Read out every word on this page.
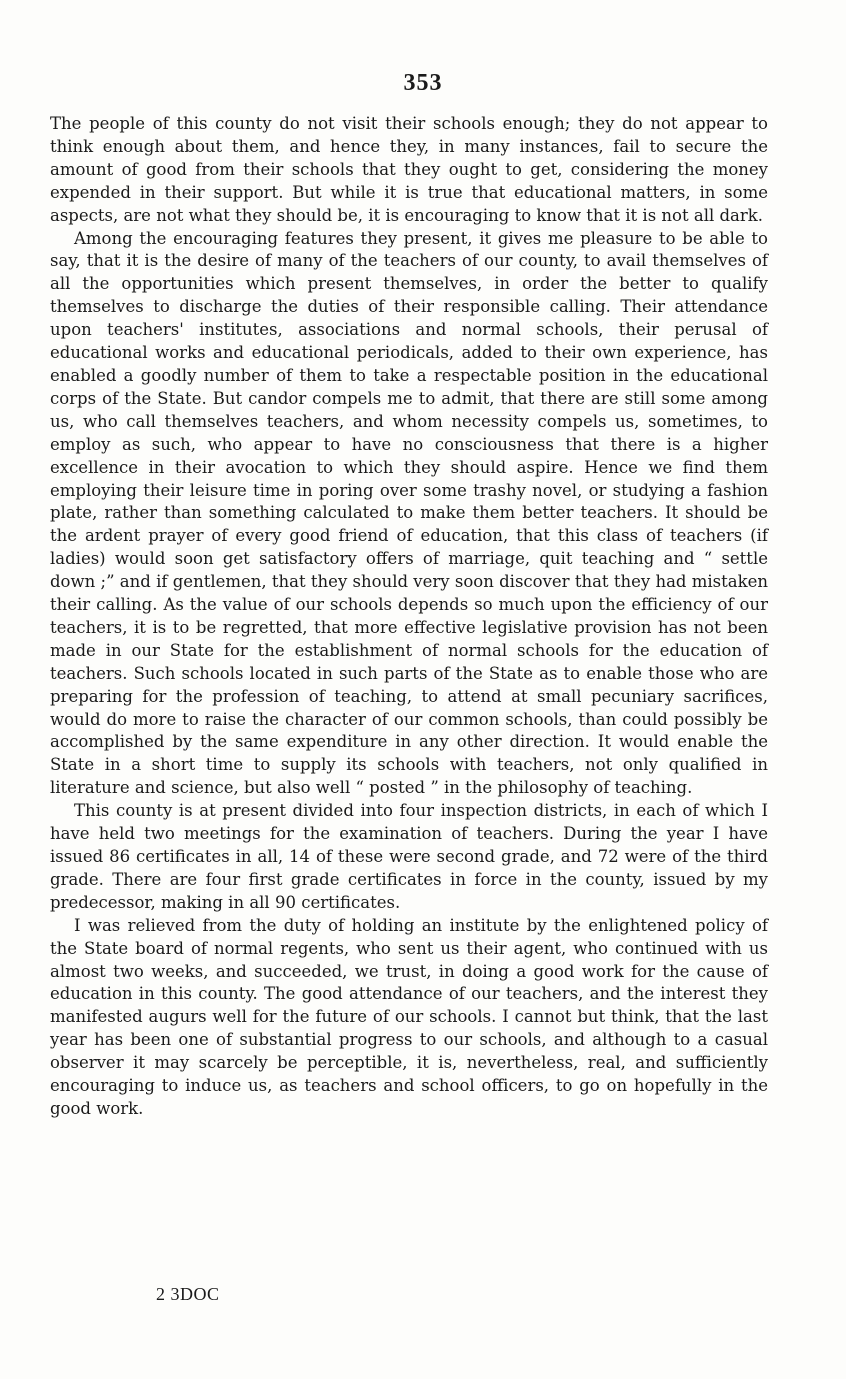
353

The people of this county do not visit their schools enough; they do not appear to think enough about them, and hence they, in many instances, fail to secure the amount of good from their schools that they ought to get, considering the money expended in their support. But while it is true that educational matters, in some aspects, are not what they should be, it is encouraging to know that it is not all dark.

Among the encouraging features they present, it gives me pleasure to be able to say, that it is the desire of many of the teachers of our county, to avail themselves of all the opportunities which present themselves, in order the better to qualify themselves to discharge the duties of their responsible calling. Their attendance upon teachers' institutes, associations and normal schools, their perusal of educational works and educational periodicals, added to their own experience, has enabled a goodly number of them to take a respectable position in the educational corps of the State. But candor compels me to admit, that there are still some among us, who call themselves teachers, and whom necessity compels us, sometimes, to employ as such, who appear to have no consciousness that there is a higher excellence in their avocation to which they should aspire. Hence we find them employing their leisure time in poring over some trashy novel, or studying a fashion plate, rather than something calculated to make them better teachers. It should be the ardent prayer of every good friend of education, that this class of teachers (if ladies) would soon get satisfactory offers of marriage, quit teaching and “ settle down ;” and if gentlemen, that they should very soon discover that they had mistaken their calling. As the value of our schools depends so much upon the efficiency of our teachers, it is to be regretted, that more effective legislative provision has not been made in our State for the establishment of normal schools for the education of teachers. Such schools located in such parts of the State as to enable those who are preparing for the profession of teaching, to attend at small pecuniary sacrifices, would do more to raise the character of our common schools, than could possibly be accomplished by the same expenditure in any other direction. It would enable the State in a short time to supply its schools with teachers, not only qualified in literature and science, but also well “ posted ” in the philosophy of teaching.

This county is at present divided into four inspection districts, in each of which I have held two meetings for the examination of teachers. During the year I have issued 86 certificates in all, 14 of these were second grade, and 72 were of the third grade. There are four first grade certificates in force in the county, issued by my predecessor, making in all 90 certificates.

I was relieved from the duty of holding an institute by the enlightened policy of the State board of normal regents, who sent us their agent, who continued with us almost two weeks, and succeeded, we trust, in doing a good work for the cause of education in this county. The good attendance of our teachers, and the interest they manifested augurs well for the future of our schools. I cannot but think, that the last year has been one of substantial progress to our schools, and although to a casual observer it may scarcely be perceptible, it is, nevertheless, real, and sufficiently encouraging to induce us, as teachers and school officers, to go on hopefully in the good work.

2 3DOC
